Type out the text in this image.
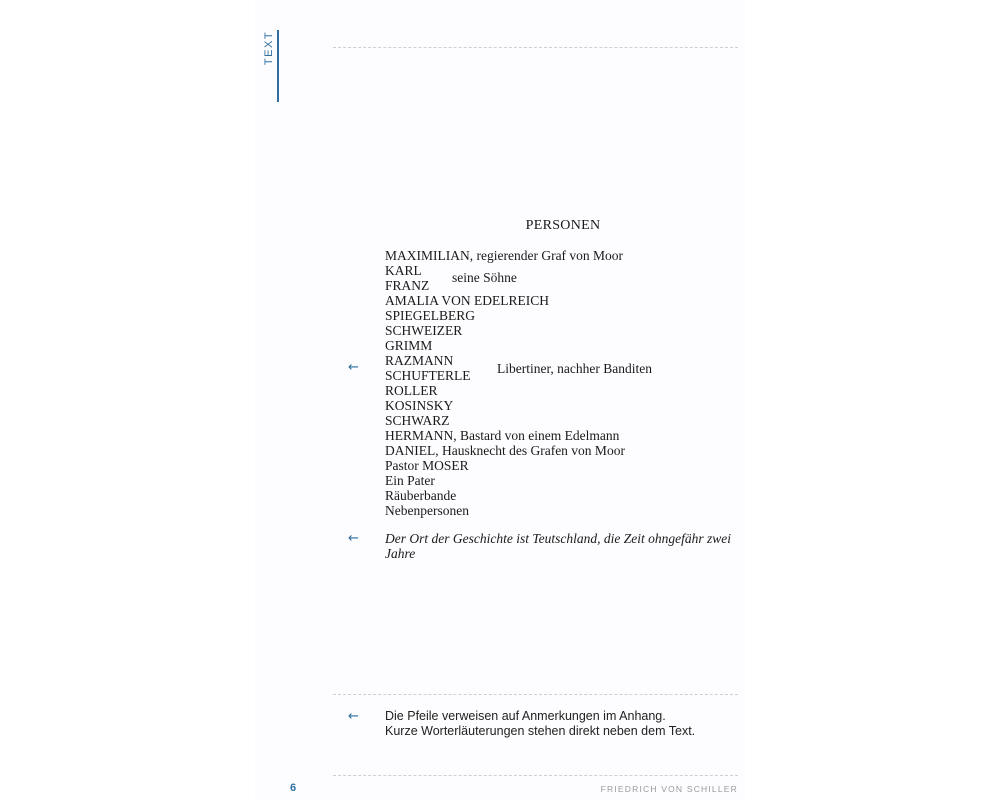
TEXT
PERSONEN
MAXIMILIAN, regierender Graf von Moor
KARL
FRANZ
AMALIA VON EDELREICH
SPIEGELBERG
SCHWEIZER
GRIMM
RAZMANN
SCHUFTERLE
ROLLER
KOSINSKY
SCHWARZ
HERMANN, Bastard von einem Edelmann
DANIEL, Hausknecht des Grafen von Moor
Pastor MOSER
Ein Pater
Räuberbande
Nebenpersonen
seine Söhne
Libertiner, nachher Banditen
←
Der Ort der Geschichte ist Teutschland, die Zeit ohngefähr zwei Jahre
←
← Die Pfeile verweisen auf Anmerkungen im Anhang.
Kurze Worterläuterungen stehen direkt neben dem Text.
6	FRIEDRICH VON SCHILLER
